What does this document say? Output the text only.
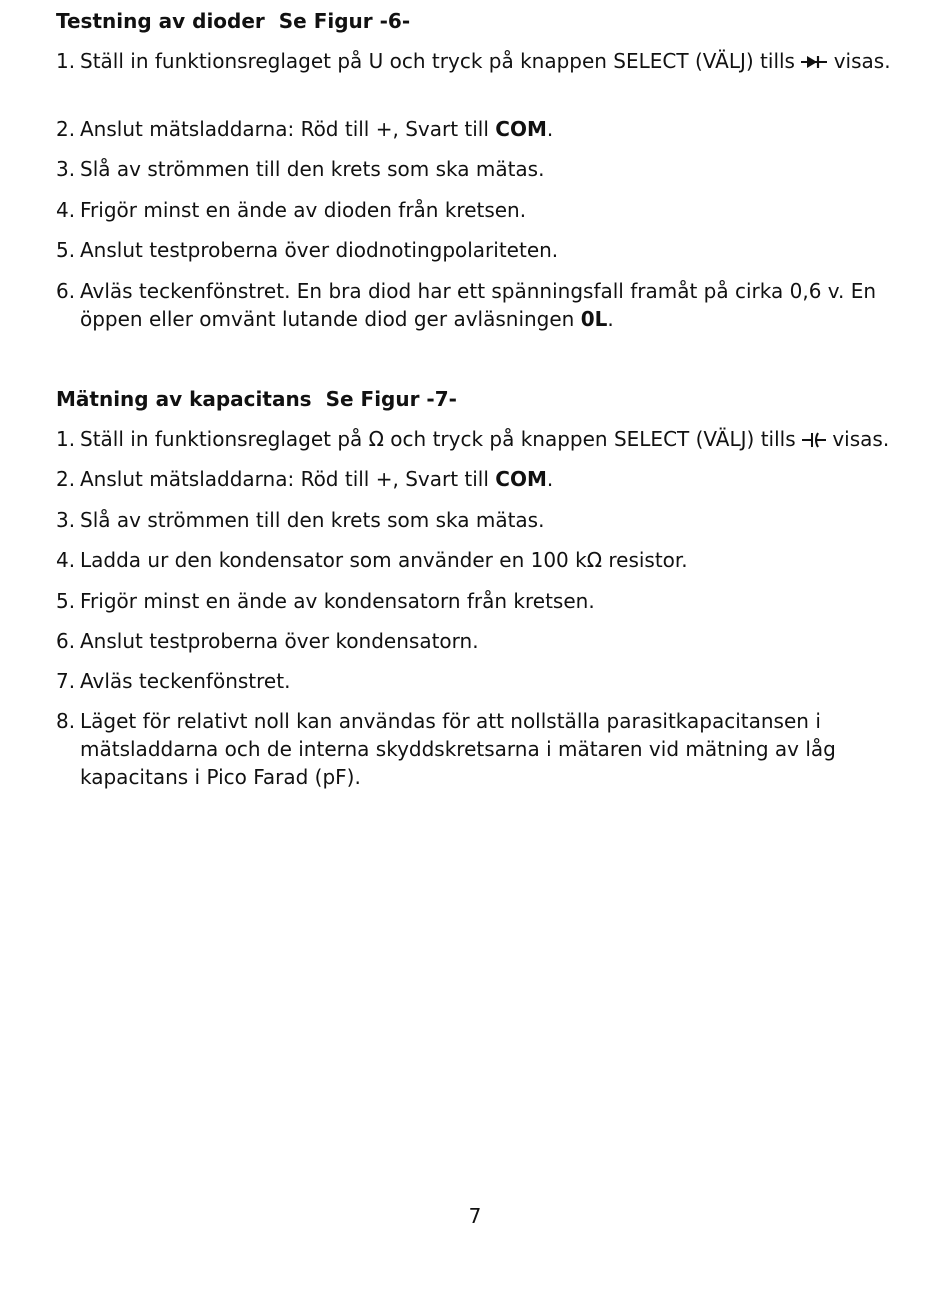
Testning av dioder Se Figur -6-
1. Ställ in funktionsreglaget på U och tryck på knappen SELECT (VÄLJ) tills visas.
2. Anslut mätsladdarna: Röd till +, Svart till COM.
3. Slå av strömmen till den krets som ska mätas.
4. Frigör minst en ände av dioden från kretsen.
5. Anslut testproberna över diodnotingpolariteten.
6. Avläs teckenfönstret. En bra diod har ett spänningsfall framåt på cirka 0,6 v. En öppen eller omvänt lutande diod ger avläsningen 0L.
Mätning av kapacitans Se Figur -7-
1. Ställ in funktionsreglaget på Ω och tryck på knappen SELECT (VÄLJ) tills visas.
2. Anslut mätsladdarna: Röd till +, Svart till COM.
3. Slå av strömmen till den krets som ska mätas.
4. Ladda ur den kondensator som använder en 100 kΩ resistor.
5. Frigör minst en ände av kondensatorn från kretsen.
6. Anslut testproberna över kondensatorn.
7. Avläs teckenfönstret.
8. Läget för relativt noll kan användas för att nollställa parasitkapacitansen i mätsladdarna och de interna skyddskretsarna i mätaren vid mätning av låg kapacitans i Pico Farad (pF).
7
